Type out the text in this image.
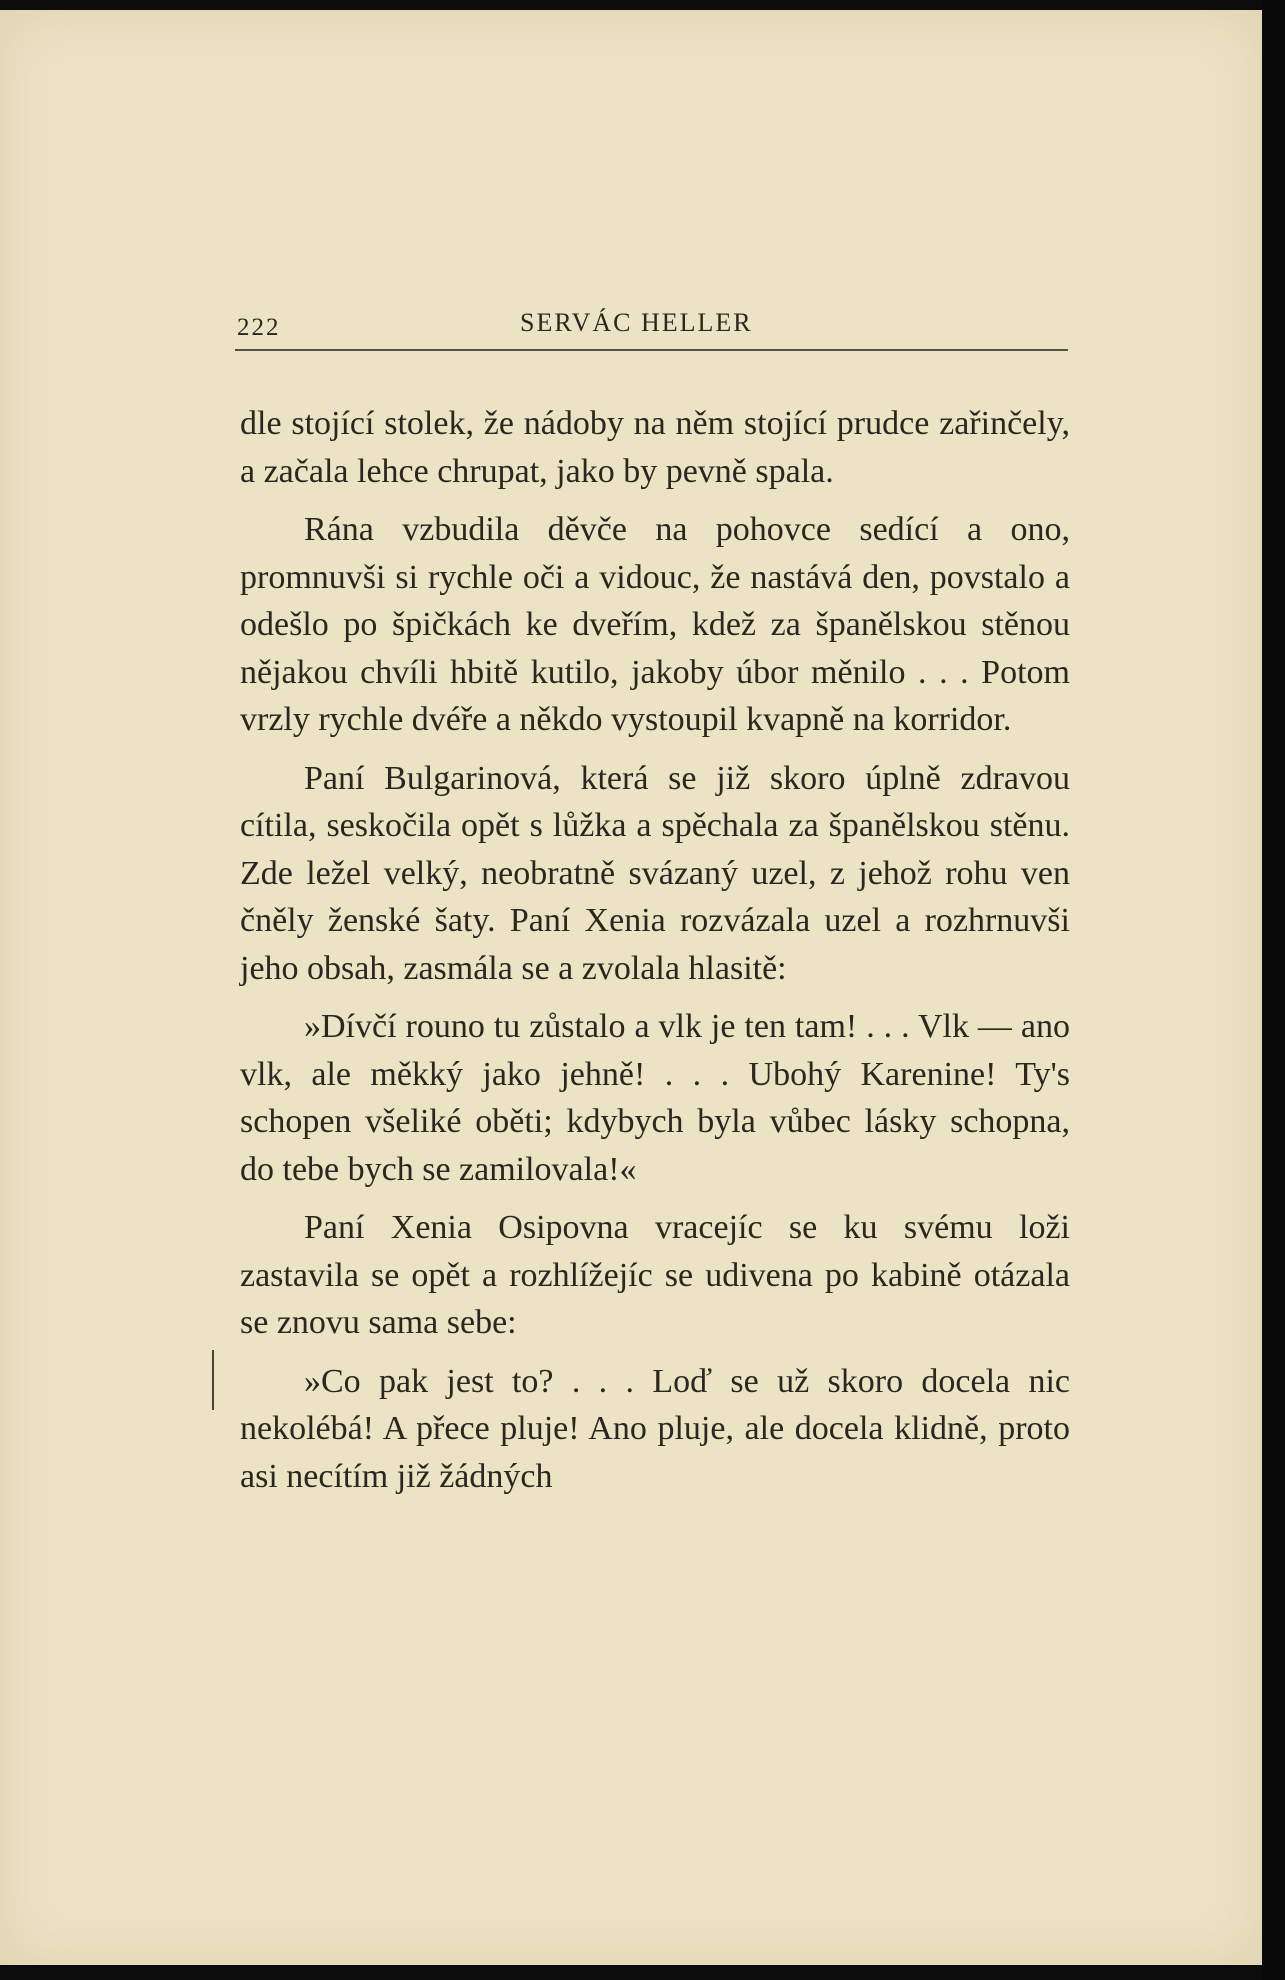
222	SERVÁC HELLER

dle stojící stolek, že nádoby na něm stojící prudce zařinčely, a začala lehce chrupat, jako by pevně spala.

Rána vzbudila děvče na pohovce sedící a ono, promnuvši si rychle oči a vidouc, že nastává den, povstalo a odešlo po špičkách ke dveřím, kdež za španělskou stěnou nějakou chvíli hbitě kutilo, jakoby úbor měnilo . . . Potom vrzly rychle dvéře a někdo vystoupil kvapně na korridor.

Paní Bulgarinová, která se již skoro úplně zdravou cítila, seskočila opět s lůžka a spěchala za španělskou stěnu. Zde ležel velký, neobratně svázaný uzel, z jehož rohu ven čněly ženské šaty. Paní Xenia rozvázala uzel a rozhrnuvši jeho obsah, zasmála se a zvolala hlasitě:

»Dívčí rouno tu zůstalo a vlk je ten tam! . . . Vlk — ano vlk, ale měkký jako jehně! . . . Ubohý Karenine! Ty's schopen všeliké oběti; kdybych byla vůbec lásky schopna, do tebe bych se zamilovala!«

Paní Xenia Osipovna vracejíc se ku svému loži zastavila se opět a rozhlížejíc se udivena po kabině otázala se znovu sama sebe:

»Co pak jest to? . . . Loď se už skoro docela nic nekolébá! A přece pluje! Ano pluje, ale docela klidně, proto asi necítím již žádných
